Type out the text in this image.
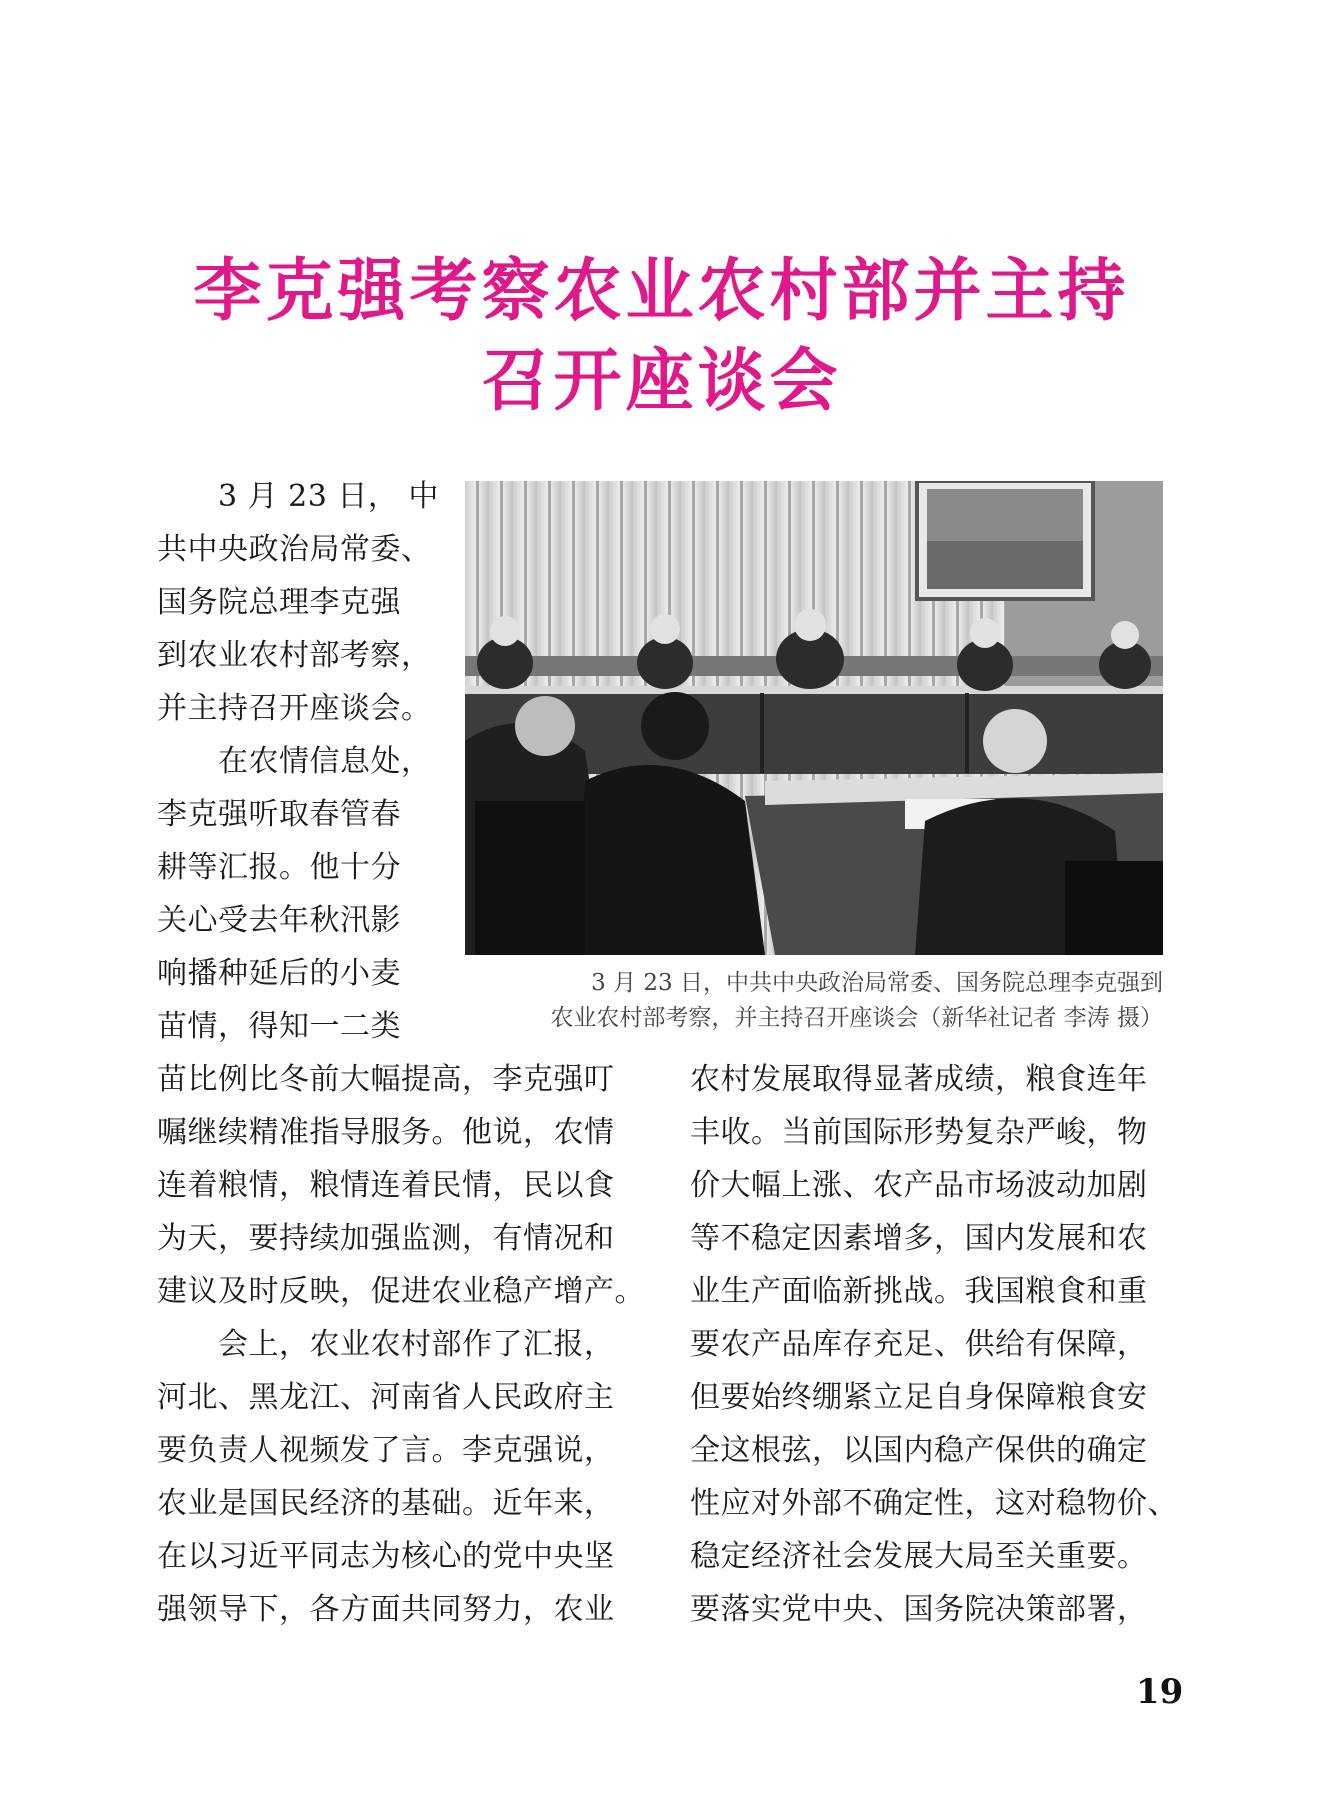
李克强考察农业农村部并主持
召开座谈会

3 月 23 日， 中

共中央政治局常委、

国务院总理李克强

到农业农村部考察，

并主持召开座谈会。

在农情信息处，

李克强听取春管春

耕等汇报。他十分

关心受去年秋汛影

响播种延后的小麦

苗情，得知一二类

苗比例比冬前大幅提高，李克强叮

嘱继续精准指导服务。他说，农情

连着粮情，粮情连着民情，民以食

为天，要持续加强监测，有情况和

建议及时反映，促进农业稳产增产。

会上，农业农村部作了汇报，

河北、黑龙江、河南省人民政府主

要负责人视频发了言。李克强说，

农业是国民经济的基础。近年来，

在以习近平同志为核心的党中央坚

强领导下，各方面共同努力，农业

农村发展取得显著成绩，粮食连年

丰收。当前国际形势复杂严峻，物

价大幅上涨、农产品市场波动加剧

等不稳定因素增多，国内发展和农

业生产面临新挑战。我国粮食和重

要农产品库存充足、供给有保障，

但要始终绷紧立足自身保障粮食安

全这根弦，以国内稳产保供的确定

性应对外部不确定性，这对稳物价、

稳定经济社会发展大局至关重要。

要落实党中央、国务院决策部署，

3 月 23 日，中共中央政治局常委、国务院总理李克强到

农业农村部考察，并主持召开座谈会（新华社记者 李涛 摄）

19
